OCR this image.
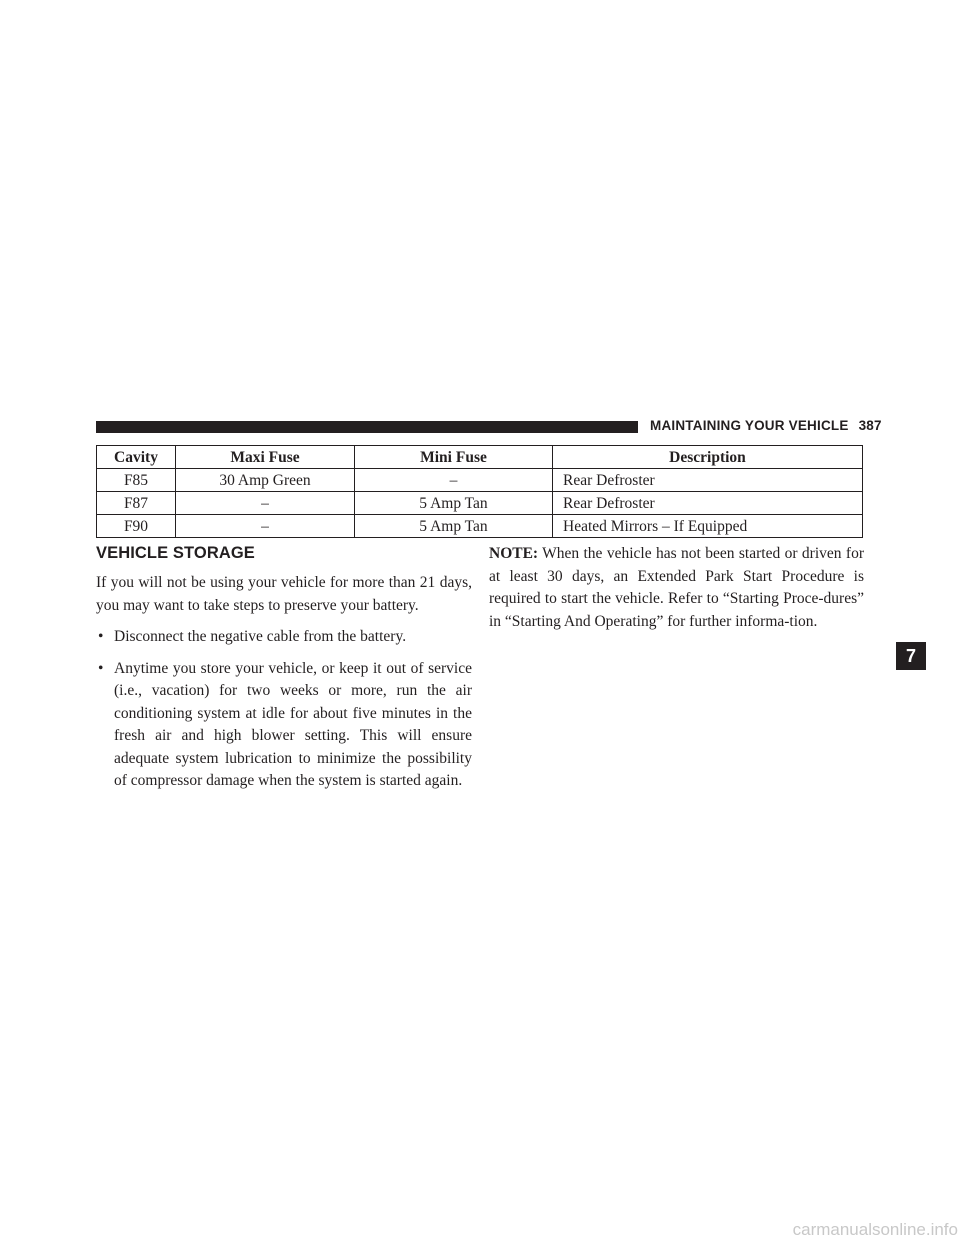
MAINTAINING YOUR VEHICLE 387
Cavity	Maxi Fuse	Mini Fuse	Description
F85	30 Amp Green	–	Rear Defroster
F87	–	5 Amp Tan	Rear Defroster
F90	–	5 Amp Tan	Heated Mirrors – If Equipped
VEHICLE STORAGE

If you will not be using your vehicle for more than 21 days, you may want to take steps to preserve your battery.

• Disconnect the negative cable from the battery.
• Anytime you store your vehicle, or keep it out of service (i.e., vacation) for two weeks or more, run the air conditioning system at idle for about five minutes in the fresh air and high blower setting. This will ensure adequate system lubrication to minimize the possibility of compressor damage when the system is started again.

NOTE: When the vehicle has not been started or driven for at least 30 days, an Extended Park Start Procedure is required to start the vehicle. Refer to “Starting Proce-dures” in “Starting And Operating” for further informa-tion.

7
carmanualsonline.info
